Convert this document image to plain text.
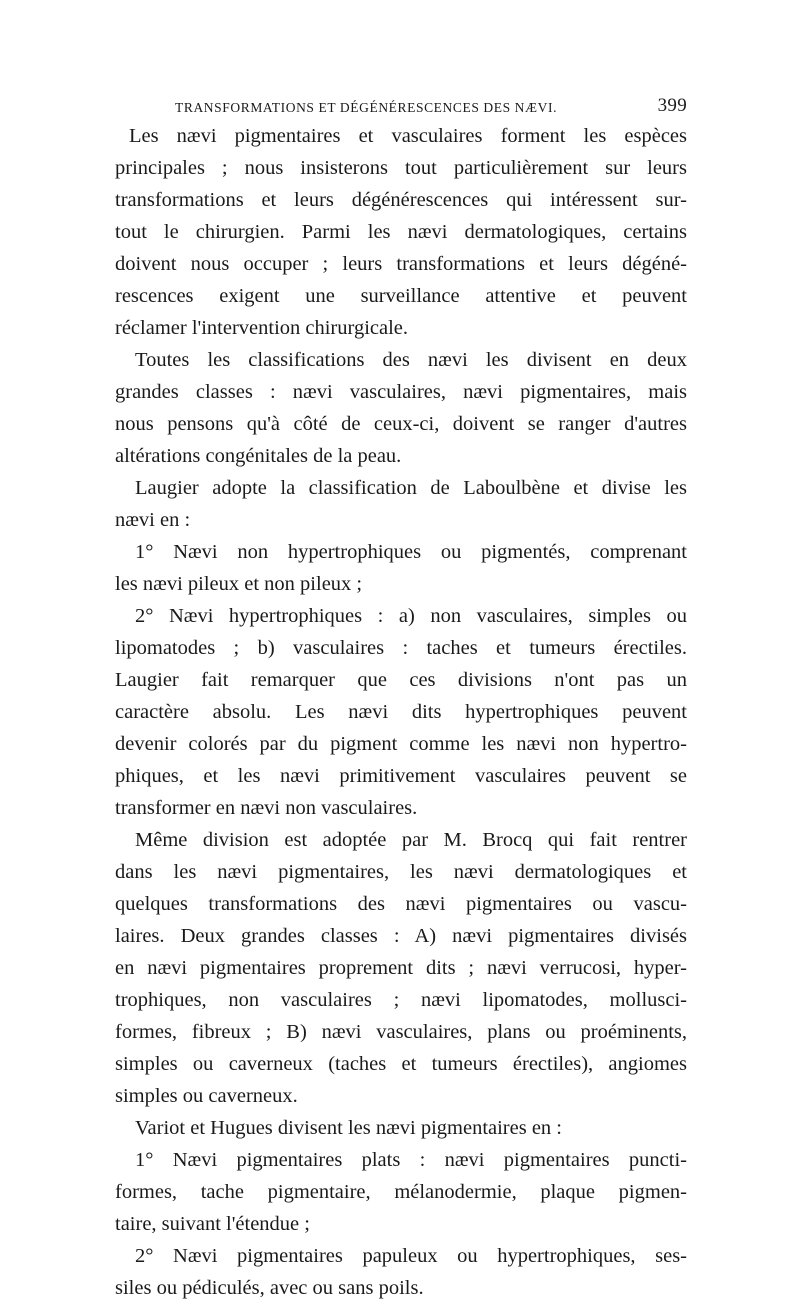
TRANSFORMATIONS ET DÉGÉNÉRESCENCES DES NÆVI.	399
Les nævi pigmentaires et vasculaires forment les espèces
principales ; nous insisterons tout particulièrement sur leurs
transformations et leurs dégénérescences qui intéressent sur-
tout le chirurgien. Parmi les nævi dermatologiques, certains
doivent nous occuper ; leurs transformations et leurs dégéné-
rescences exigent une surveillance attentive et peuvent
réclamer l'intervention chirurgicale.
Toutes les classifications des nævi les divisent en deux
grandes classes : nævi vasculaires, nævi pigmentaires, mais
nous pensons qu'à côté de ceux-ci, doivent se ranger d'autres
altérations congénitales de la peau.
Laugier adopte la classification de Laboulbène et divise les
nævi en :
1° Nævi non hypertrophiques ou pigmentés, comprenant
les nævi pileux et non pileux ;
2° Nævi hypertrophiques : a) non vasculaires, simples ou
lipomatodes ; b) vasculaires : taches et tumeurs érectiles.
Laugier fait remarquer que ces divisions n'ont pas un
caractère absolu. Les nævi dits hypertrophiques peuvent
devenir colorés par du pigment comme les nævi non hypertro-
phiques, et les nævi primitivement vasculaires peuvent se
transformer en nævi non vasculaires.
Même division est adoptée par M. Brocq qui fait rentrer
dans les nævi pigmentaires, les nævi dermatologiques et
quelques transformations des nævi pigmentaires ou vascu-
laires. Deux grandes classes : A) nævi pigmentaires divisés
en nævi pigmentaires proprement dits ; nævi verrucosi, hyper-
trophiques, non vasculaires ; nævi lipomatodes, mollusci-
formes, fibreux ; B) nævi vasculaires, plans ou proéminents,
simples ou caverneux (taches et tumeurs érectiles), angiomes
simples ou caverneux.
Variot et Hugues divisent les nævi pigmentaires en :
1° Nævi pigmentaires plats : nævi pigmentaires puncti-
formes, tache pigmentaire, mélanodermie, plaque pigmen-
taire, suivant l'étendue ;
2° Nævi pigmentaires papuleux ou hypertrophiques, ses-
siles ou pédiculés, avec ou sans poils.
